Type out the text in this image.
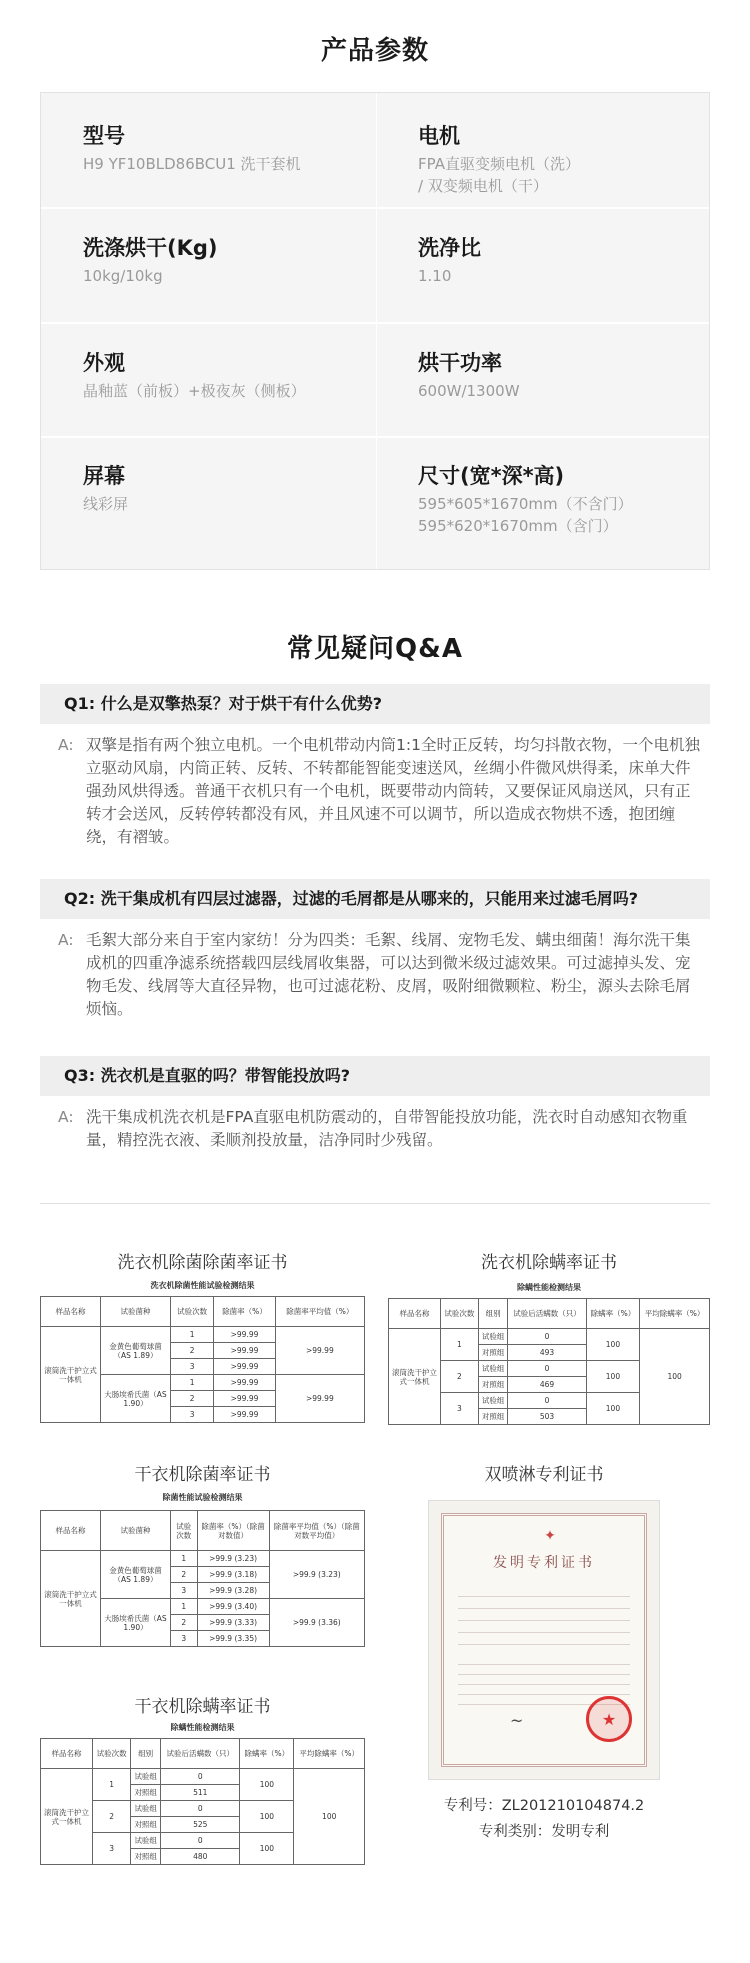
产品参数
型号
H9 YF10BLD86BCU1 洗干套机
电机
FPA直驱变频电机（洗）
/ 双变频电机（干）
洗涤烘干(Kg)
10kg/10kg
洗净比
1.10
外观
晶釉蓝（前板）+极夜灰（侧板）
烘干功率
600W/1300W
屏幕
线彩屏
尺寸(宽*深*高)
595*605*1670mm（不含门）
595*620*1670mm（含门）
常见疑问Q&A
Q1: 什么是双擎热泵？对于烘干有什么优势?
A: 双擎是指有两个独立电机。一个电机带动内筒1:1全时正反转，均匀抖散衣物，一个电机独立驱动风扇，内筒正转、反转、不转都能智能变速送风，丝绸小件微风烘得柔，床单大件强劲风烘得透。普通干衣机只有一个电机，既要带动内筒转，又要保证风扇送风，只有正转才会送风，反转停转都没有风，并且风速不可以调节，所以造成衣物烘不透，抱团缠绕，有褶皱。
Q2: 洗干集成机有四层过滤器，过滤的毛屑都是从哪来的，只能用来过滤毛屑吗?
A: 毛絮大部分来自于室内家纺！分为四类：毛絮、线屑、宠物毛发、螨虫细菌！海尔洗干集成机的四重净滤系统搭载四层线屑收集器，可以达到微米级过滤效果。可过滤掉头发、宠物毛发、线屑等大直径异物，也可过滤花粉、皮屑，吸附细微颗粒、粉尘，源头去除毛屑烦恼。
Q3: 洗衣机是直驱的吗？带智能投放吗?
A: 洗干集成机洗衣机是FPA直驱电机防震动的，自带智能投放功能，洗衣时自动感知衣物重量，精控洗衣液、柔顺剂投放量，洁净同时少残留。
洗衣机除菌除菌率证书
洗衣机除菌性能试验检测结果
样品名称	试验菌种	试验次数	除菌率（%）	除菌率平均值（%）
滚筒洗干护立式一体机	金黄色葡萄球菌（AS 1.89）	1	>99.99	>99.99
		2	>99.99	
		3	>99.99	
	大肠埃希氏菌（AS 1.90）	1	>99.99	>99.99
		2	>99.99	
		3	>99.99	
洗衣机除螨率证书
除螨性能检测结果
样品名称	试验次数	组别	试验后活螨数（只）	除螨率（%）	平均除螨率（%）
滚筒洗干护立式一体机	1	试验组	0	100	100
		对照组	493		
	2	试验组	0	100	
		对照组	469		
	3	试验组	0	100	
		对照组	503		
干衣机除菌率证书
除菌性能试验检测结果
样品名称	试验菌种	试验次数	除菌率（%）（除菌对数值）	除菌率平均值（%）（除菌对数平均值）
滚筒洗干护立式一体机	金黄色葡萄球菌（AS 1.89）	1	>99.9 (3.23)	>99.9 (3.23)
		2	>99.9 (3.18)	
		3	>99.9 (3.28)	
	大肠埃希氏菌（AS 1.90）	1	>99.9 (3.40)	>99.9 (3.36)
		2	>99.9 (3.33)	
		3	>99.9 (3.35)	
干衣机除螨率证书
除螨性能检测结果
样品名称	试验次数	组别	试验后活螨数（只）	除螨率（%）	平均除螨率（%）
滚筒洗干护立式一体机	1	试验组	0	100	100
		对照组	511		
	2	试验组	0	100	
		对照组	525		
	3	试验组	0	100	
		对照组	480		
双喷淋专利证书
✦
发明专利证书
~
★
专利号：ZL201210104874.2
专利类别：发明专利
